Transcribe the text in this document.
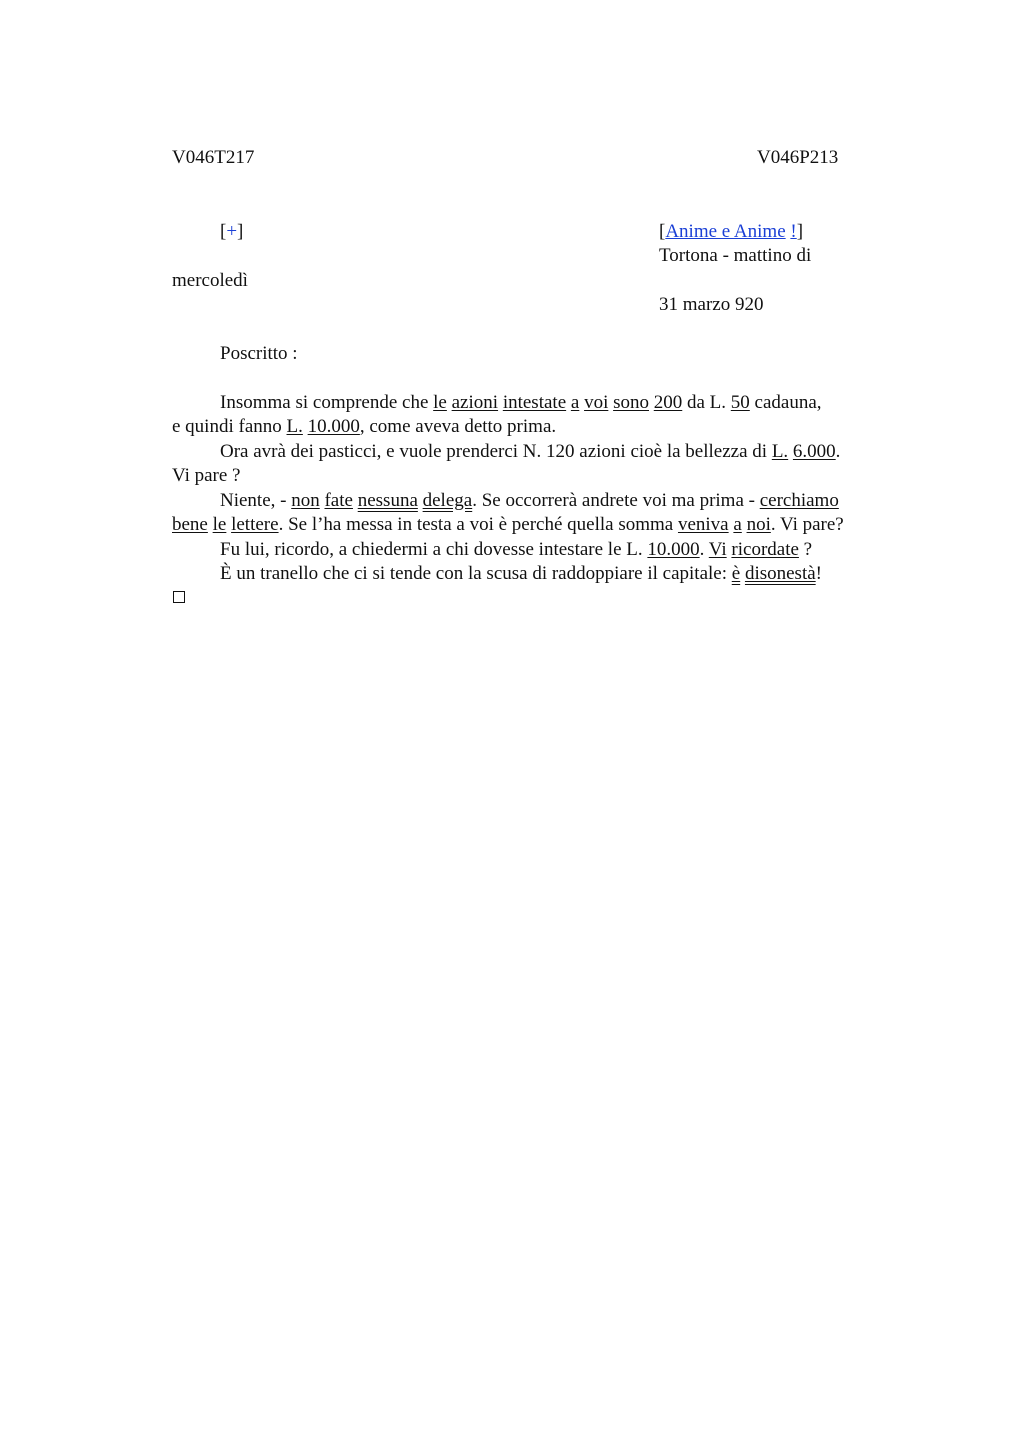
V046T217	V046P213
[+]	[Anime e Anime !]
Tortona - mattino di
mercoledì
31 marzo 920
Poscritto :
Insomma si comprende che le azioni intestate a voi sono 200 da L. 50 cadauna,
e quindi fanno L. 10.000, come aveva detto prima.
Ora avrà dei pasticci, e vuole prenderci N. 120 azioni cioè la bellezza di L. 6.000.
Vi pare ?
Niente, - non fate nessuna delega. Se occorrerà andrete voi ma prima - cerchiamo
bene le lettere. Se l’ha messa in testa a voi è perché quella somma veniva a noi. Vi pare?
Fu lui, ricordo, a chiedermi a chi dovesse intestare le L. 10.000. Vi ricordate ?
È un tranello che ci si tende con la scusa di raddoppiare il capitale: è disonestà!
